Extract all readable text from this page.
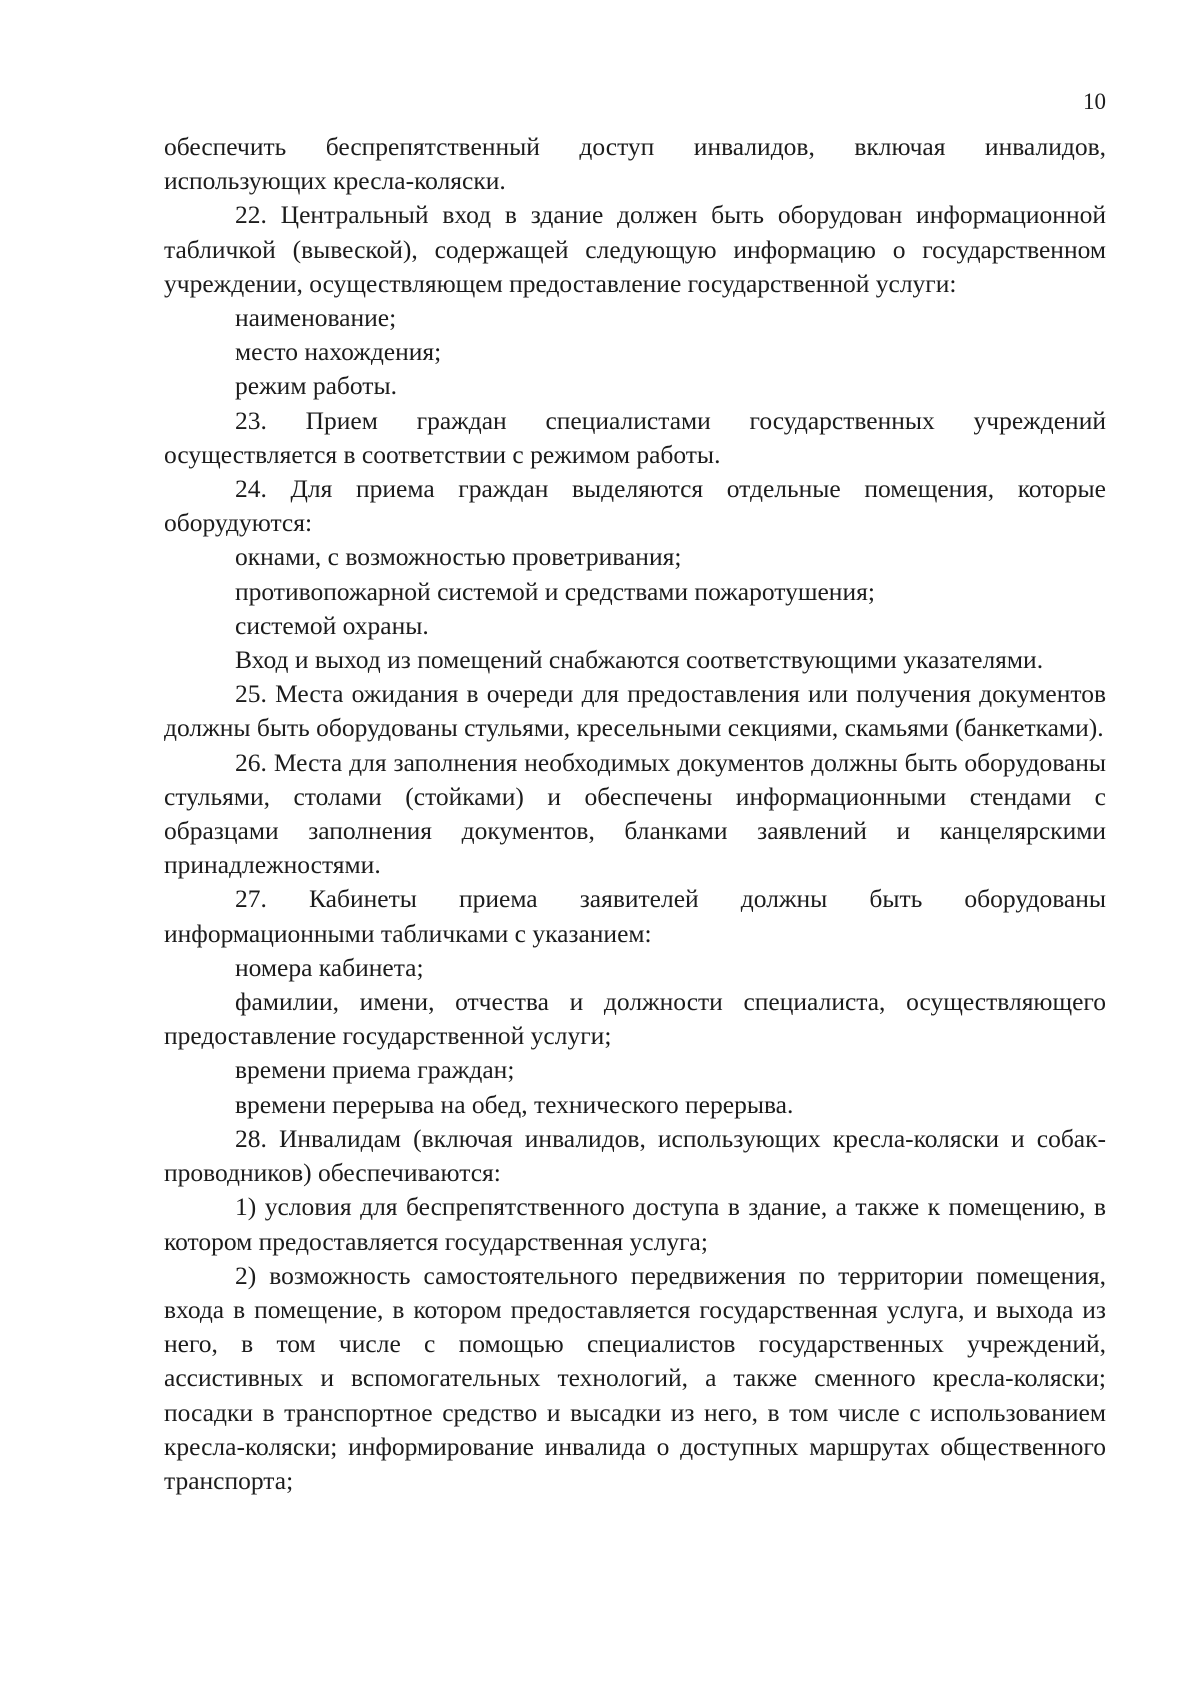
10

обеспечить беспрепятственный доступ инвалидов, включая инвалидов, использующих кресла-коляски.

22. Центральный вход в здание должен быть оборудован информационной табличкой (вывеской), содержащей следующую информацию о государственном учреждении, осуществляющем предоставление государственной услуги:

наименование;

место нахождения;

режим работы.

23. Прием граждан специалистами государственных учреждений осуществляется в соответствии с режимом работы.

24. Для приема граждан выделяются отдельные помещения, которые оборудуются:

окнами, с возможностью проветривания;

противопожарной системой и средствами пожаротушения;

системой охраны.

Вход и выход из помещений снабжаются соответствующими указателями.

25. Места ожидания в очереди для предоставления или получения документов должны быть оборудованы стульями, кресельными секциями, скамьями (банкетками).

26. Места для заполнения необходимых документов должны быть оборудованы стульями, столами (стойками) и обеспечены информационными стендами с образцами заполнения документов, бланками заявлений и канцелярскими принадлежностями.

27. Кабинеты приема заявителей должны быть оборудованы информационными табличками с указанием:

номера кабинета;

фамилии, имени, отчества и должности специалиста, осуществляющего предоставление государственной услуги;

времени приема граждан;

времени перерыва на обед, технического перерыва.

28. Инвалидам (включая инвалидов, использующих кресла-коляски и собак-проводников) обеспечиваются:

1) условия для беспрепятственного доступа в здание, а также к помещению, в котором предоставляется государственная услуга;

2) возможность самостоятельного передвижения по территории помещения, входа в помещение, в котором предоставляется государственная услуга, и выхода из него, в том числе с помощью специалистов государственных учреждений, ассистивных и вспомогательных технологий, а также сменного кресла-коляски; посадки в транспортное средство и высадки из него, в том числе с использованием кресла-коляски; информирование инвалида о доступных маршрутах общественного транспорта;
